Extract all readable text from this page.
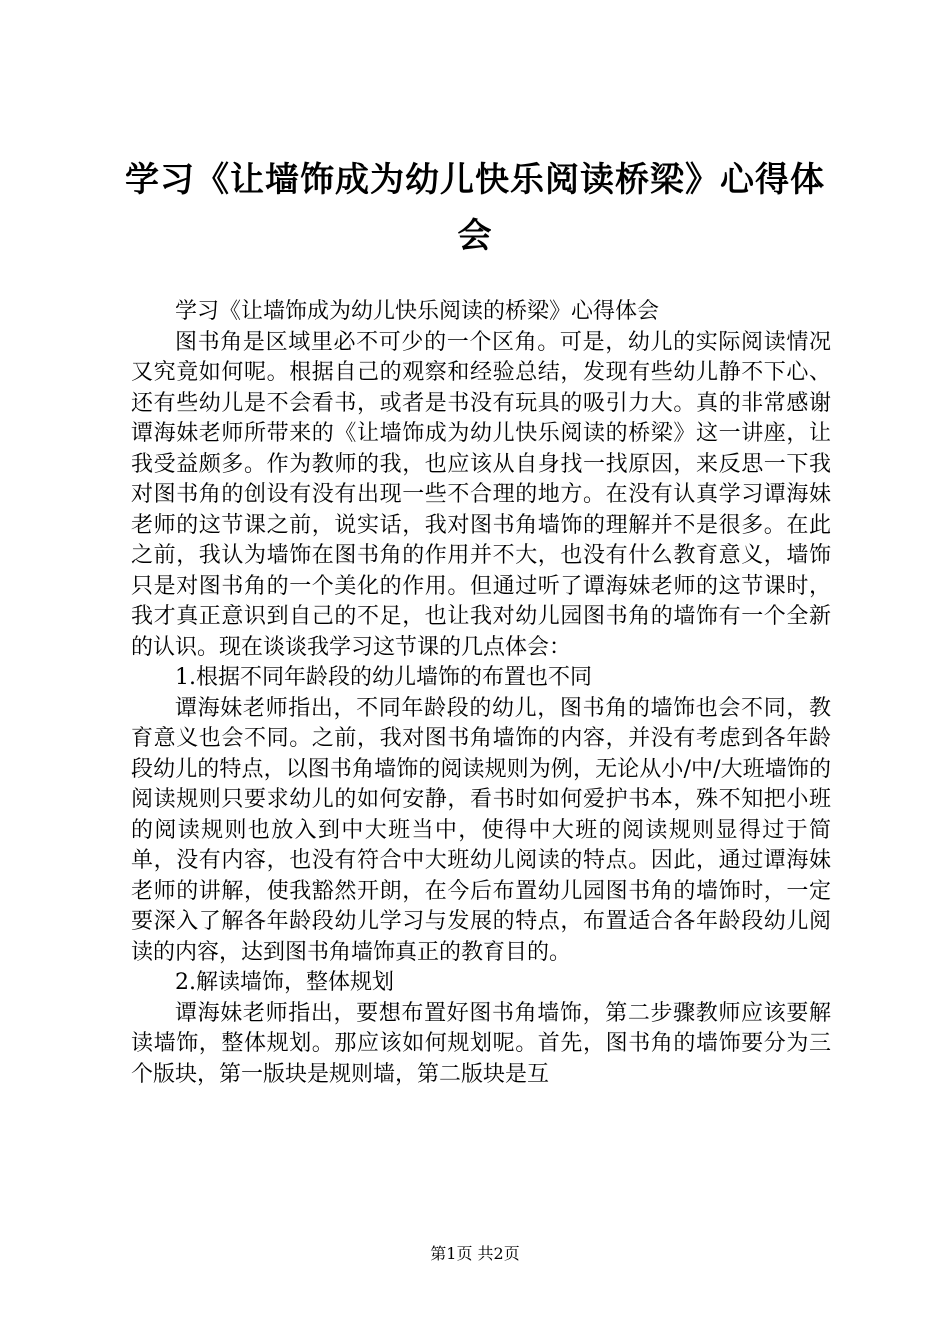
学习《让墙饰成为幼儿快乐阅读桥梁》心得体会

学习《让墙饰成为幼儿快乐阅读的桥梁》心得体会

图书角是区域里必不可少的一个区角。可是，幼儿的实际阅读情况又究竟如何呢。根据自己的观察和经验总结，发现有些幼儿静不下心、还有些幼儿是不会看书，或者是书没有玩具的吸引力大。真的非常感谢谭海妹老师所带来的《让墙饰成为幼儿快乐阅读的桥梁》这一讲座，让我受益颇多。作为教师的我，也应该从自身找一找原因，来反思一下我对图书角的创设有没有出现一些不合理的地方。在没有认真学习谭海妹老师的这节课之前，说实话，我对图书角墙饰的理解并不是很多。在此之前，我认为墙饰在图书角的作用并不大，也没有什么教育意义，墙饰只是对图书角的一个美化的作用。但通过听了谭海妹老师的这节课时，我才真正意识到自己的不足，也让我对幼儿园图书角的墙饰有一个全新的认识。现在谈谈我学习这节课的几点体会：

1.根据不同年龄段的幼儿墙饰的布置也不同

谭海妹老师指出，不同年龄段的幼儿，图书角的墙饰也会不同，教育意义也会不同。之前，我对图书角墙饰的内容，并没有考虑到各年龄段幼儿的特点，以图书角墙饰的阅读规则为例，无论从小/中/大班墙饰的阅读规则只要求幼儿的如何安静，看书时如何爱护书本，殊不知把小班的阅读规则也放入到中大班当中，使得中大班的阅读规则显得过于简单，没有内容，也没有符合中大班幼儿阅读的特点。因此，通过谭海妹老师的讲解，使我豁然开朗，在今后布置幼儿园图书角的墙饰时，一定要深入了解各年龄段幼儿学习与发展的特点，布置适合各年龄段幼儿阅读的内容，达到图书角墙饰真正的教育目的。

2.解读墙饰，整体规划

谭海妹老师指出，要想布置好图书角墙饰，第二步骤教师应该要解读墙饰，整体规划。那应该如何规划呢。首先，图书角的墙饰要分为三个版块，第一版块是规则墙，第二版块是互

第1页 共2页
